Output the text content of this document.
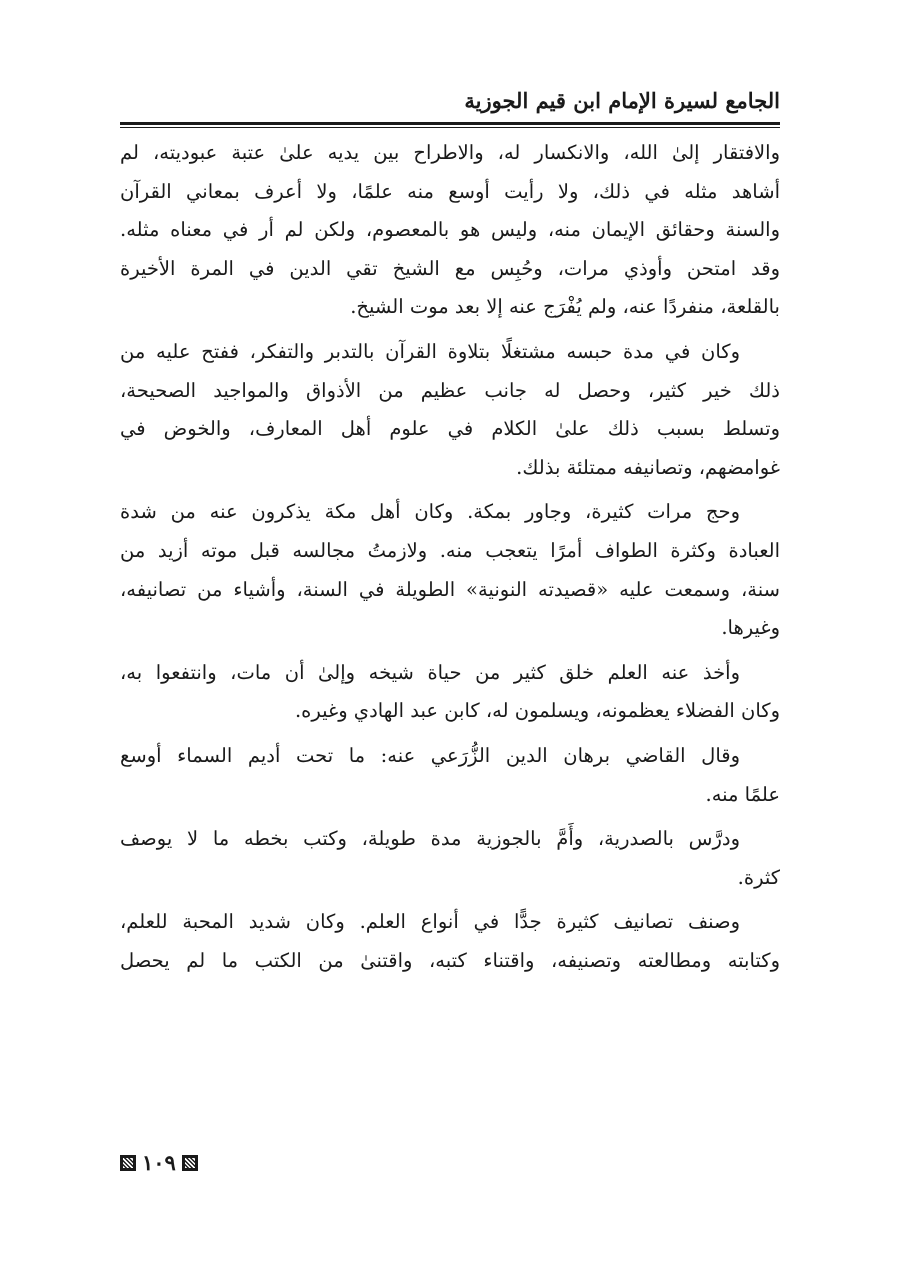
الجامع لسيرة الإمام ابن قيم الجوزية
والافتقار إلىٰ الله، والانكسار له، والاطراح بين يديه علىٰ عتبة عبوديته، لم
أشاهد مثله في ذلك، ولا رأيت أوسع منه علمًا، ولا أعرف بمعاني القرآن
والسنة وحقائق الإيمان منه، وليس هو بالمعصوم، ولكن لم أر في معناه مثله.
وقد امتحن وأوذي مرات، وحُبِس مع الشيخ تقي الدين في المرة الأخيرة
بالقلعة، منفردًا عنه، ولم يُفْرَج عنه إلا بعد موت الشيخ.
وكان في مدة حبسه مشتغلًا بتلاوة القرآن بالتدبر والتفكر، ففتح عليه من
ذلك خير كثير، وحصل له جانب عظيم من الأذواق والمواجيد الصحيحة،
وتسلط بسبب ذلك علىٰ الكلام في علوم أهل المعارف، والخوض في
غوامضهم، وتصانيفه ممتلئة بذلك.
وحج مرات كثيرة، وجاور بمكة. وكان أهل مكة يذكرون عنه من شدة
العبادة وكثرة الطواف أمرًا يتعجب منه. ولازمتُ مجالسه قبل موته أزيد من
سنة، وسمعت عليه «قصيدته النونية» الطويلة في السنة، وأشياء من تصانيفه،
وغيرها.
وأخذ عنه العلم خلق كثير من حياة شيخه وإلىٰ أن مات، وانتفعوا به،
وكان الفضلاء يعظمونه، ويسلمون له، كابن عبد الهادي وغيره.
وقال القاضي برهان الدين الزُّرَعي عنه: ما تحت أديم السماء أوسع
علمًا منه.
ودرَّس بالصدرية، وأَمَّ بالجوزية مدة طويلة، وكتب بخطه ما لا يوصف
كثرة.
وصنف تصانيف كثيرة جدًّا في أنواع العلم. وكان شديد المحبة للعلم،
وكتابته ومطالعته وتصنيفه، واقتناء كتبه، واقتنىٰ من الكتب ما لم يحصل
١٠٩
